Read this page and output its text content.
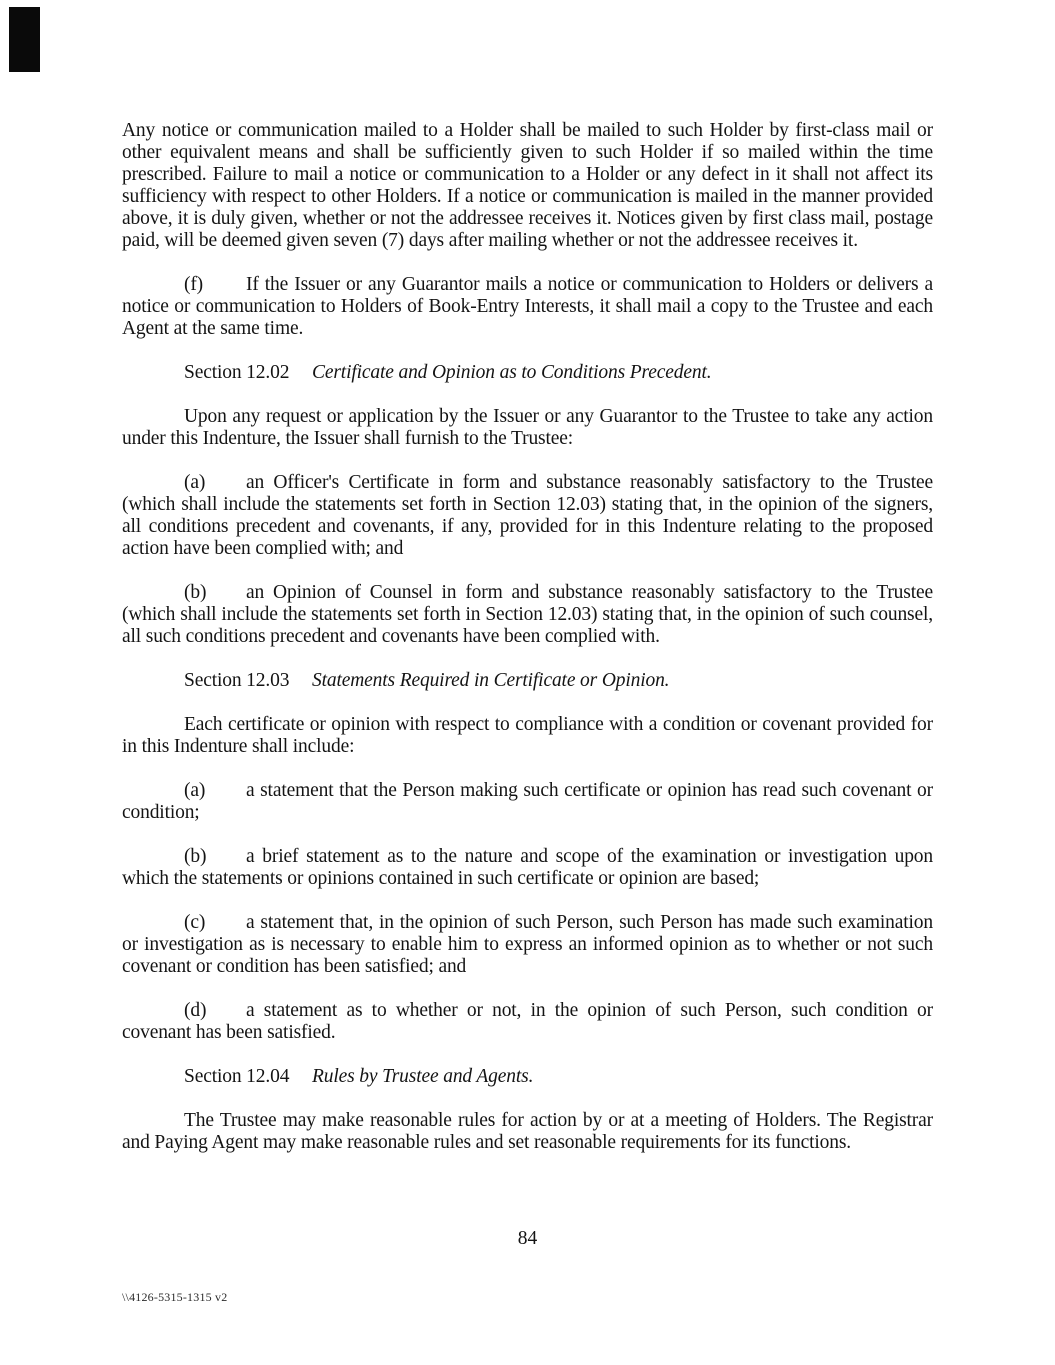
Any notice or communication mailed to a Holder shall be mailed to such Holder by first-class mail or other equivalent means and shall be sufficiently given to such Holder if so mailed within the time prescribed. Failure to mail a notice or communication to a Holder or any defect in it shall not affect its sufficiency with respect to other Holders. If a notice or communication is mailed in the manner provided above, it is duly given, whether or not the addressee receives it. Notices given by first class mail, postage paid, will be deemed given seven (7) days after mailing whether or not the addressee receives it.

(f) If the Issuer or any Guarantor mails a notice or communication to Holders or delivers a notice or communication to Holders of Book-Entry Interests, it shall mail a copy to the Trustee and each Agent at the same time.

Section 12.02 Certificate and Opinion as to Conditions Precedent.

Upon any request or application by the Issuer or any Guarantor to the Trustee to take any action under this Indenture, the Issuer shall furnish to the Trustee:

(a) an Officer's Certificate in form and substance reasonably satisfactory to the Trustee (which shall include the statements set forth in Section 12.03) stating that, in the opinion of the signers, all conditions precedent and covenants, if any, provided for in this Indenture relating to the proposed action have been complied with; and

(b) an Opinion of Counsel in form and substance reasonably satisfactory to the Trustee (which shall include the statements set forth in Section 12.03) stating that, in the opinion of such counsel, all such conditions precedent and covenants have been complied with.

Section 12.03 Statements Required in Certificate or Opinion.

Each certificate or opinion with respect to compliance with a condition or covenant provided for in this Indenture shall include:

(a) a statement that the Person making such certificate or opinion has read such covenant or condition;

(b) a brief statement as to the nature and scope of the examination or investigation upon which the statements or opinions contained in such certificate or opinion are based;

(c) a statement that, in the opinion of such Person, such Person has made such examination or investigation as is necessary to enable him to express an informed opinion as to whether or not such covenant or condition has been satisfied; and

(d) a statement as to whether or not, in the opinion of such Person, such condition or covenant has been satisfied.

Section 12.04 Rules by Trustee and Agents.

The Trustee may make reasonable rules for action by or at a meeting of Holders. The Registrar and Paying Agent may make reasonable rules and set reasonable requirements for its functions.

84
\\4126-5315-1315 v2
